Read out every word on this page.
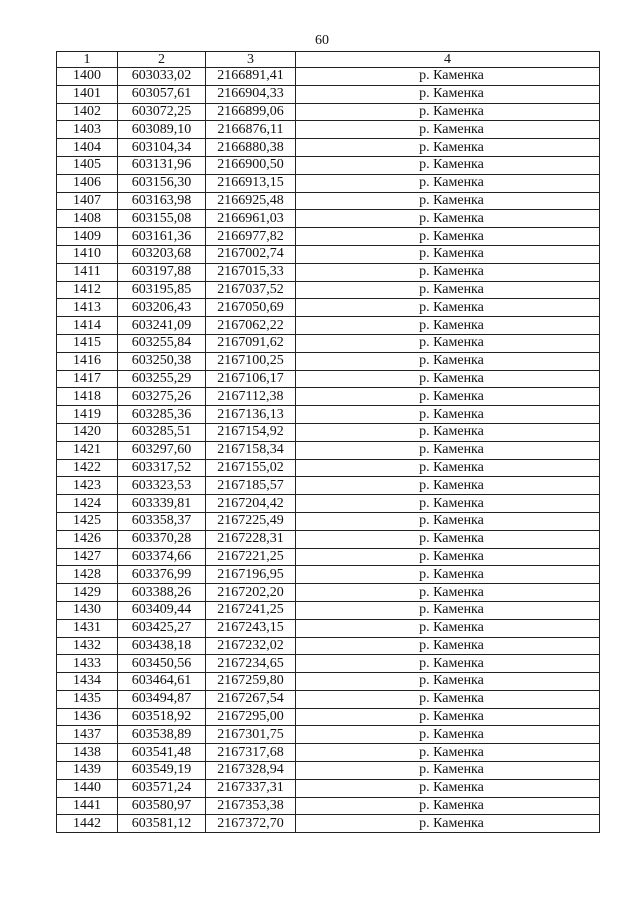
60
1	2	3	4
1400	603033,02	2166891,41	р. Каменка
1401	603057,61	2166904,33	р. Каменка
1402	603072,25	2166899,06	р. Каменка
1403	603089,10	2166876,11	р. Каменка
1404	603104,34	2166880,38	р. Каменка
1405	603131,96	2166900,50	р. Каменка
1406	603156,30	2166913,15	р. Каменка
1407	603163,98	2166925,48	р. Каменка
1408	603155,08	2166961,03	р. Каменка
1409	603161,36	2166977,82	р. Каменка
1410	603203,68	2167002,74	р. Каменка
1411	603197,88	2167015,33	р. Каменка
1412	603195,85	2167037,52	р. Каменка
1413	603206,43	2167050,69	р. Каменка
1414	603241,09	2167062,22	р. Каменка
1415	603255,84	2167091,62	р. Каменка
1416	603250,38	2167100,25	р. Каменка
1417	603255,29	2167106,17	р. Каменка
1418	603275,26	2167112,38	р. Каменка
1419	603285,36	2167136,13	р. Каменка
1420	603285,51	2167154,92	р. Каменка
1421	603297,60	2167158,34	р. Каменка
1422	603317,52	2167155,02	р. Каменка
1423	603323,53	2167185,57	р. Каменка
1424	603339,81	2167204,42	р. Каменка
1425	603358,37	2167225,49	р. Каменка
1426	603370,28	2167228,31	р. Каменка
1427	603374,66	2167221,25	р. Каменка
1428	603376,99	2167196,95	р. Каменка
1429	603388,26	2167202,20	р. Каменка
1430	603409,44	2167241,25	р. Каменка
1431	603425,27	2167243,15	р. Каменка
1432	603438,18	2167232,02	р. Каменка
1433	603450,56	2167234,65	р. Каменка
1434	603464,61	2167259,80	р. Каменка
1435	603494,87	2167267,54	р. Каменка
1436	603518,92	2167295,00	р. Каменка
1437	603538,89	2167301,75	р. Каменка
1438	603541,48	2167317,68	р. Каменка
1439	603549,19	2167328,94	р. Каменка
1440	603571,24	2167337,31	р. Каменка
1441	603580,97	2167353,38	р. Каменка
1442	603581,12	2167372,70	р. Каменка
